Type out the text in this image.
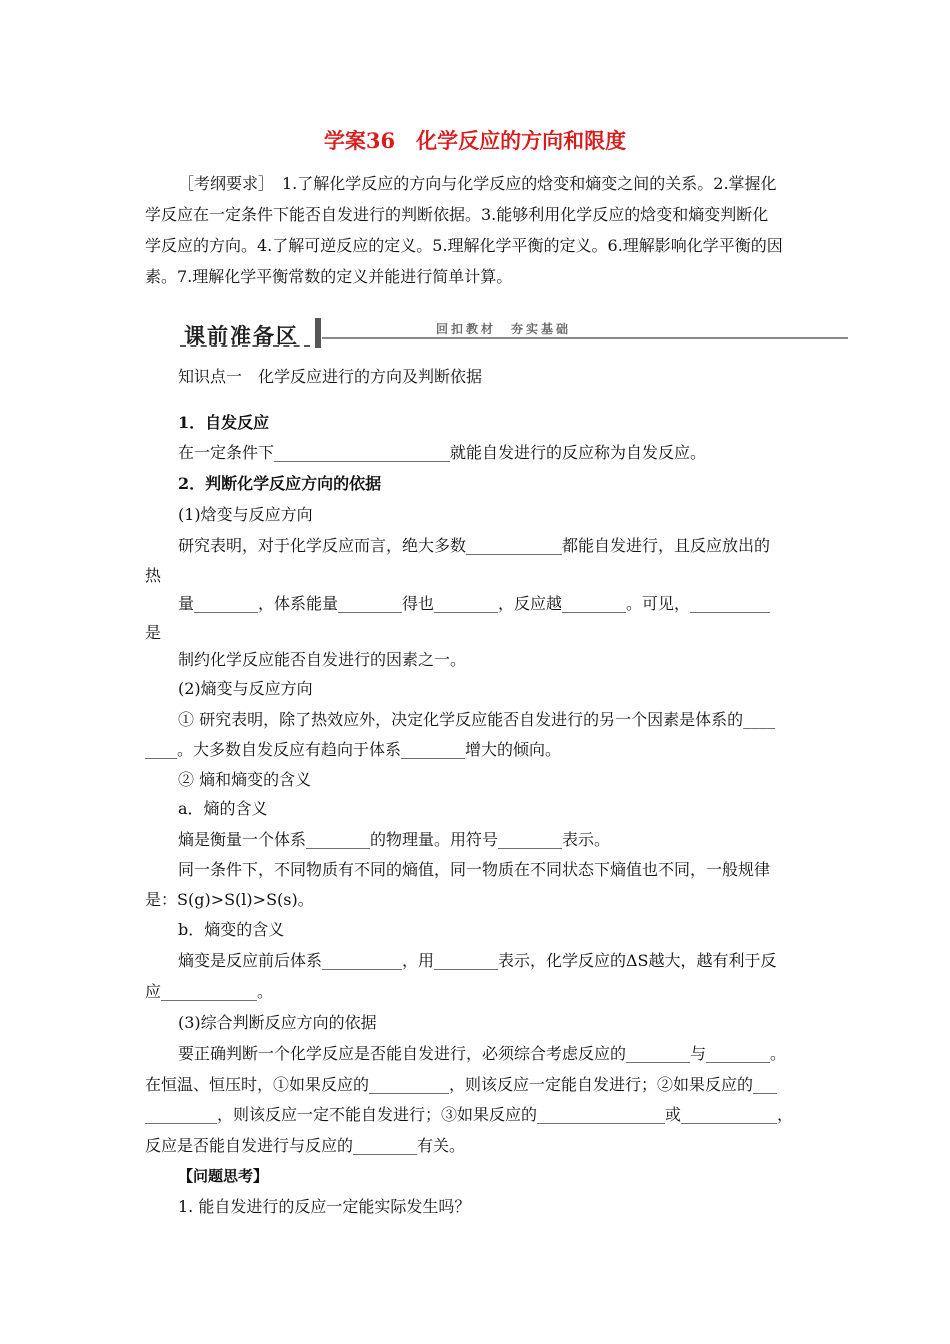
学案36　化学反应的方向和限度
［考纲要求］　1.了解化学反应的方向与化学反应的焓变和熵变之间的关系。2.掌握化
学反应在一定条件下能否自发进行的判断依据。3.能够利用化学反应的焓变和熵变判断化
学反应的方向。4.了解可逆反应的定义。5.理解化学平衡的定义。6.理解影响化学平衡的因
素。7.理解化学平衡常数的定义并能进行简单计算。
课前准备区	回扣教材　夯实基础
知识点一　化学反应进行的方向及判断依据
1．自发反应
在一定条件下______________________就能自发进行的反应称为自发反应。
2．判断化学反应方向的依据
(1)焓变与反应方向
研究表明，对于化学反应而言，绝大多数____________都能自发进行，且反应放出的
热
量________，体系能量________得也________，反应越________。可见，__________
是
制约化学反应能否自发进行的因素之一。
(2)熵变与反应方向
① 研究表明，除了热效应外，决定化学反应能否自发进行的另一个因素是体系的____
____。大多数自发反应有趋向于体系________增大的倾向。
② 熵和熵变的含义
a．熵的含义
熵是衡量一个体系________的物理量。用符号________表示。
同一条件下，不同物质有不同的熵值，同一物质在不同状态下熵值也不同，一般规律
是：S(g)>S(l)>S(s)。
b．熵变的含义
熵变是反应前后体系__________，用________表示，化学反应的ΔS越大，越有利于反
应____________。
(3)综合判断反应方向的依据
要正确判断一个化学反应是否能自发进行，必须综合考虑反应的________与________。
在恒温、恒压时，①如果反应的__________，则该反应一定能自发进行；②如果反应的___
_________，则该反应一定不能自发进行；③如果反应的________________或____________，
反应是否能自发进行与反应的________有关。
【问题思考】
1. 能自发进行的反应一定能实际发生吗？
